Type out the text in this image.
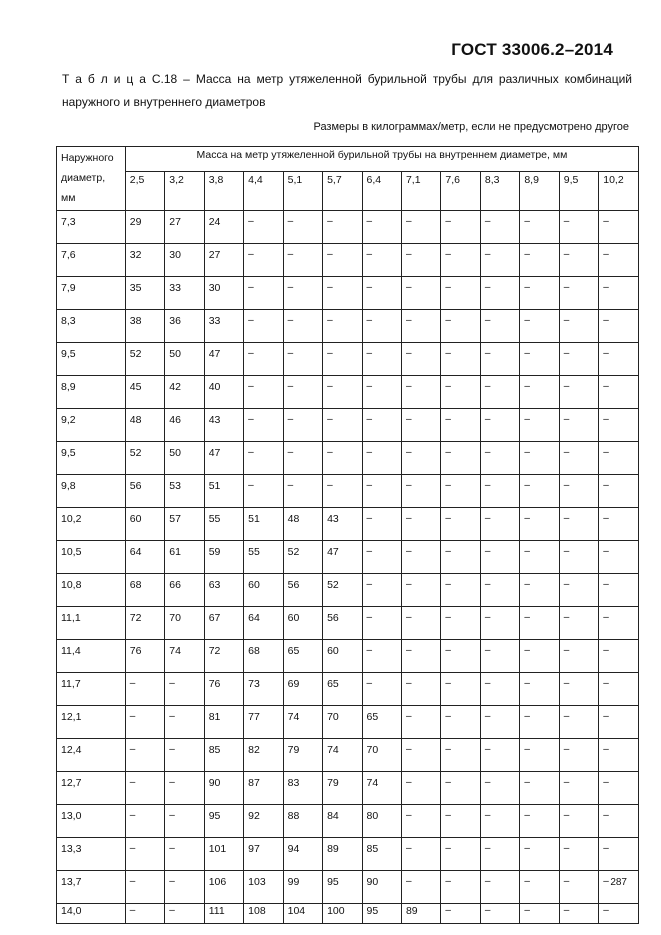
ГОСТ 33006.2–2014
Т а б л и ц а С.18 – Масса на метр утяжеленной бурильной трубы для различных комбинаций
наружного и внутреннего диаметров
Размеры в килограммах/метр, если не предусмотрено другое
Наружного диаметр, мм	Масса на метр утяжеленной бурильной трубы на внутреннем диаметре, мм												
	2,5	3,2	3,8	4,4	5,1	5,7	6,4	7,1	7,6	8,3	8,9	9,5	10,2
7,3	29	27	24	–	–	–	–	–	–	–	–	–	–
7,6	32	30	27	–	–	–	–	–	–	–	–	–	–
7,9	35	33	30	–	–	–	–	–	–	–	–	–	–
8,3	38	36	33	–	–	–	–	–	–	–	–	–	–
9,5	52	50	47	–	–	–	–	–	–	–	–	–	–
8,9	45	42	40	–	–	–	–	–	–	–	–	–	–
9,2	48	46	43	–	–	–	–	–	–	–	–	–	–
9,5	52	50	47	–	–	–	–	–	–	–	–	–	–
9,8	56	53	51	–	–	–	–	–	–	–	–	–	–
10,2	60	57	55	51	48	43	–	–	–	–	–	–	–
10,5	64	61	59	55	52	47	–	–	–	–	–	–	–
10,8	68	66	63	60	56	52	–	–	–	–	–	–	–
11,1	72	70	67	64	60	56	–	–	–	–	–	–	–
11,4	76	74	72	68	65	60	–	–	–	–	–	–	–
11,7	–	–	76	73	69	65	–	–	–	–	–	–	–
12,1	–	–	81	77	74	70	65	–	–	–	–	–	–
12,4	–	–	85	82	79	74	70	–	–	–	–	–	–
12,7	–	–	90	87	83	79	74	–	–	–	–	–	–
13,0	–	–	95	92	88	84	80	–	–	–	–	–	–
13,3	–	–	101	97	94	89	85	–	–	–	–	–	–
13,7	–	–	106	103	99	95	90	–	–	–	–	–	–
14,0	–	–	111	108	104	100	95	89	–	–	–	–	–
287
